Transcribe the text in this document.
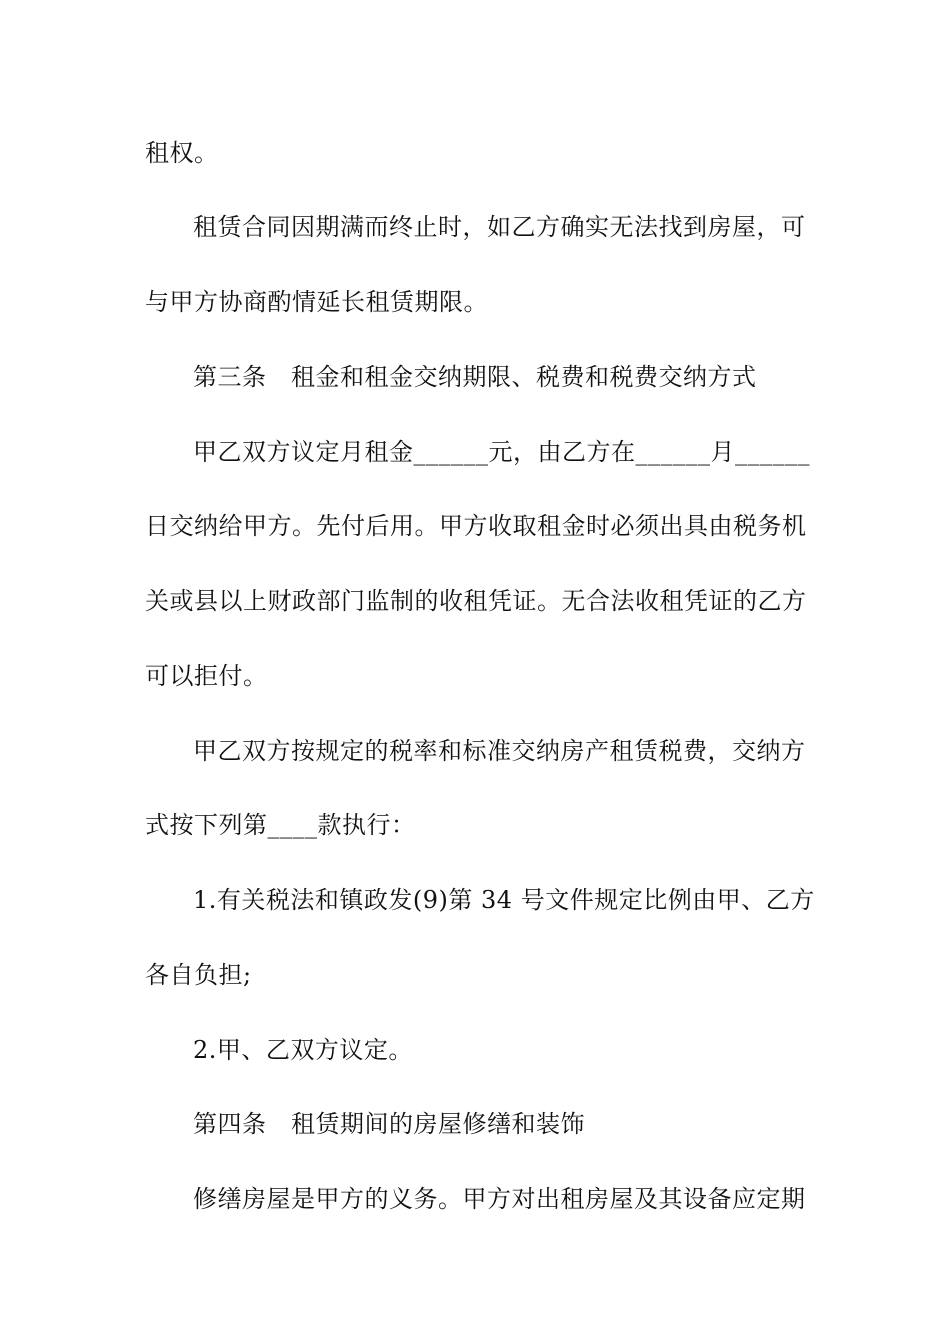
租权。
租赁合同因期满而终止时，如乙方确实无法找到房屋，可
与甲方协商酌情延长租赁期限。
第三条　租金和租金交纳期限、税费和税费交纳方式
甲乙双方议定月租金______元，由乙方在______月______
日交纳给甲方。先付后用。甲方收取租金时必须出具由税务机
关或县以上财政部门监制的收租凭证。无合法收租凭证的乙方
可以拒付。
甲乙双方按规定的税率和标准交纳房产租赁税费，交纳方
式按下列第____款执行：
1.有关税法和镇政发(9)第 34 号文件规定比例由甲、乙方
各自负担;
2.甲、乙双方议定。
第四条　租赁期间的房屋修缮和装饰
修缮房屋是甲方的义务。甲方对出租房屋及其设备应定期
